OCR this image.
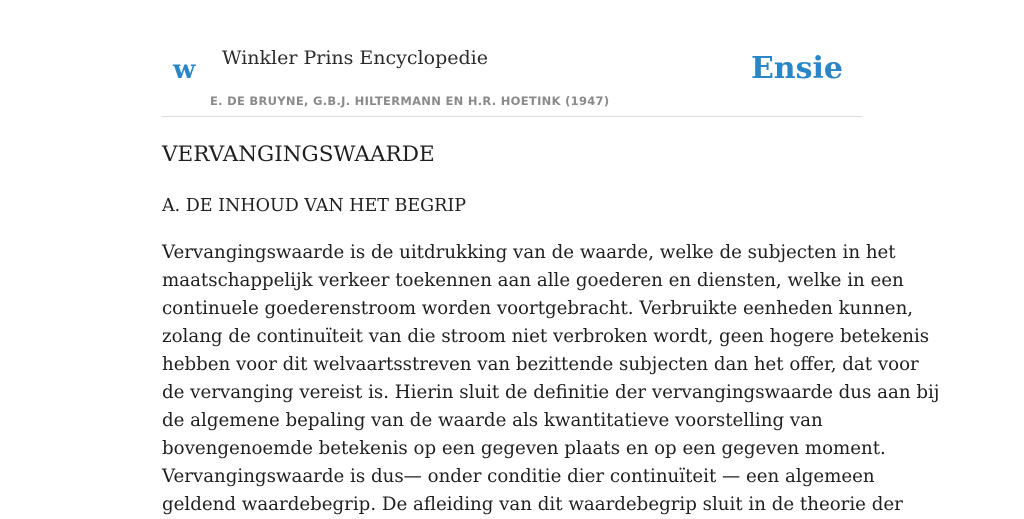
w Winkler Prins Encyclopedie
E. DE BRUYNE, G.B.J. HILTERMANN EN H.R. HOETINK (1947)
Ensie
VERVANGINGSWAARDE
A. DE INHOUD VAN HET BEGRIP

Vervangingswaarde is de uitdrukking van de waarde, welke de subjecten in het
maatschappelijk verkeer toekennen aan alle goederen en diensten, welke in een
continuele goederenstroom worden voortgebracht. Verbruikte eenheden kunnen,
zolang de continuïteit van die stroom niet verbroken wordt, geen hogere betekenis
hebben voor dit welvaartsstreven van bezittende subjecten dan het offer, dat voor
de vervanging vereist is. Hierin sluit de definitie der vervangingswaarde dus aan bij
de algemene bepaling van de waarde als kwantitatieve voorstelling van
bovengenoemde betekenis op een gegeven plaats en op een gegeven moment.
Vervangingswaarde is dus— onder conditie dier continuïteit — een algemeen
geldend waardebegrip. De afleiding van dit waardebegrip sluit in de theorie der
